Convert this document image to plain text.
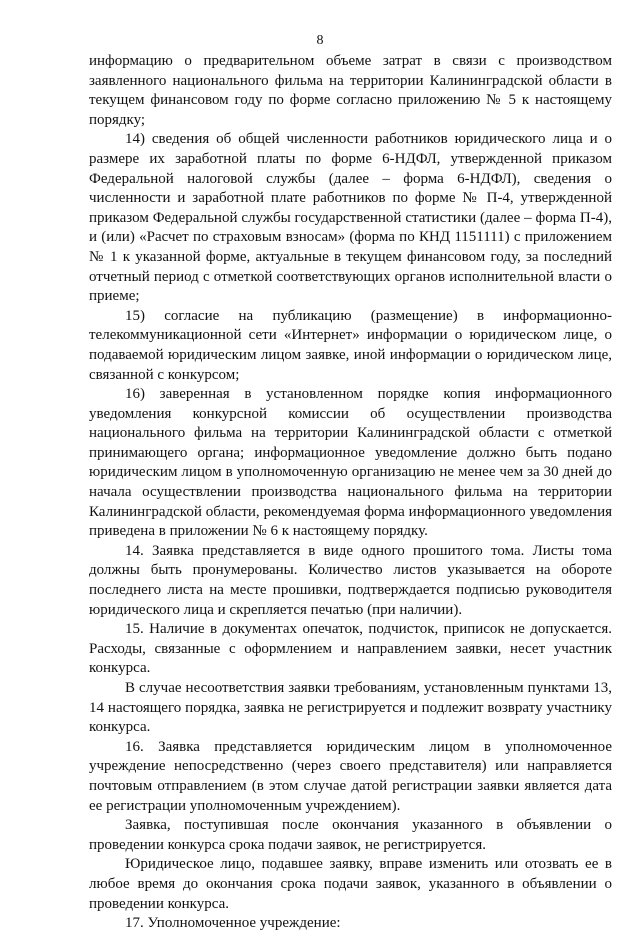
8

информацию о предварительном объеме затрат в связи с производством заявленного национального фильма на территории Калининградской области в текущем финансовом году по форме согласно приложению № 5 к настоящему порядку;

14) сведения об общей численности работников юридического лица и о размере их заработной платы по форме 6-НДФЛ, утвержденной приказом Федеральной налоговой службы (далее – форма 6-НДФЛ), сведения о численности и заработной плате работников по форме № П-4, утвержденной приказом Федеральной службы государственной статистики (далее – форма П-4), и (или) «Расчет по страховым взносам» (форма по КНД 1151111) с приложением № 1 к указанной форме, актуальные в текущем финансовом году, за последний отчетный период с отметкой соответствующих органов исполнительной власти о приеме;

15) согласие на публикацию (размещение) в информационно-телекоммуникационной сети «Интернет» информации о юридическом лице, о подаваемой юридическим лицом заявке, иной информации о юридическом лице, связанной с конкурсом;

16) заверенная в установленном порядке копия информационного уведомления конкурсной комиссии об осуществлении производства национального фильма на территории Калининградской области с отметкой принимающего органа; информационное уведомление должно быть подано юридическим лицом в уполномоченную организацию не менее чем за 30 дней до начала осуществлении производства национального фильма на территории Калининградской области, рекомендуемая форма информационного уведомления приведена в приложении № 6 к настоящему порядку.

14. Заявка представляется в виде одного прошитого тома. Листы тома должны быть пронумерованы. Количество листов указывается на обороте последнего листа на месте прошивки, подтверждается подписью руководителя юридического лица и скрепляется печатью (при наличии).

15. Наличие в документах опечаток, подчисток, приписок не допускается. Расходы, связанные с оформлением и направлением заявки, несет участник конкурса.

В случае несоответствия заявки требованиям, установленным пунктами 13, 14 настоящего порядка, заявка не регистрируется и подлежит возврату участнику конкурса.

16. Заявка представляется юридическим лицом в уполномоченное учреждение непосредственно (через своего представителя) или направляется почтовым отправлением (в этом случае датой регистрации заявки является дата ее регистрации уполномоченным учреждением).

Заявка, поступившая после окончания указанного в объявлении о проведении конкурса срока подачи заявок, не регистрируется.

Юридическое лицо, подавшее заявку, вправе изменить или отозвать ее в любое время до окончания срока подачи заявок, указанного в объявлении о проведении конкурса.

17. Уполномоченное учреждение:
